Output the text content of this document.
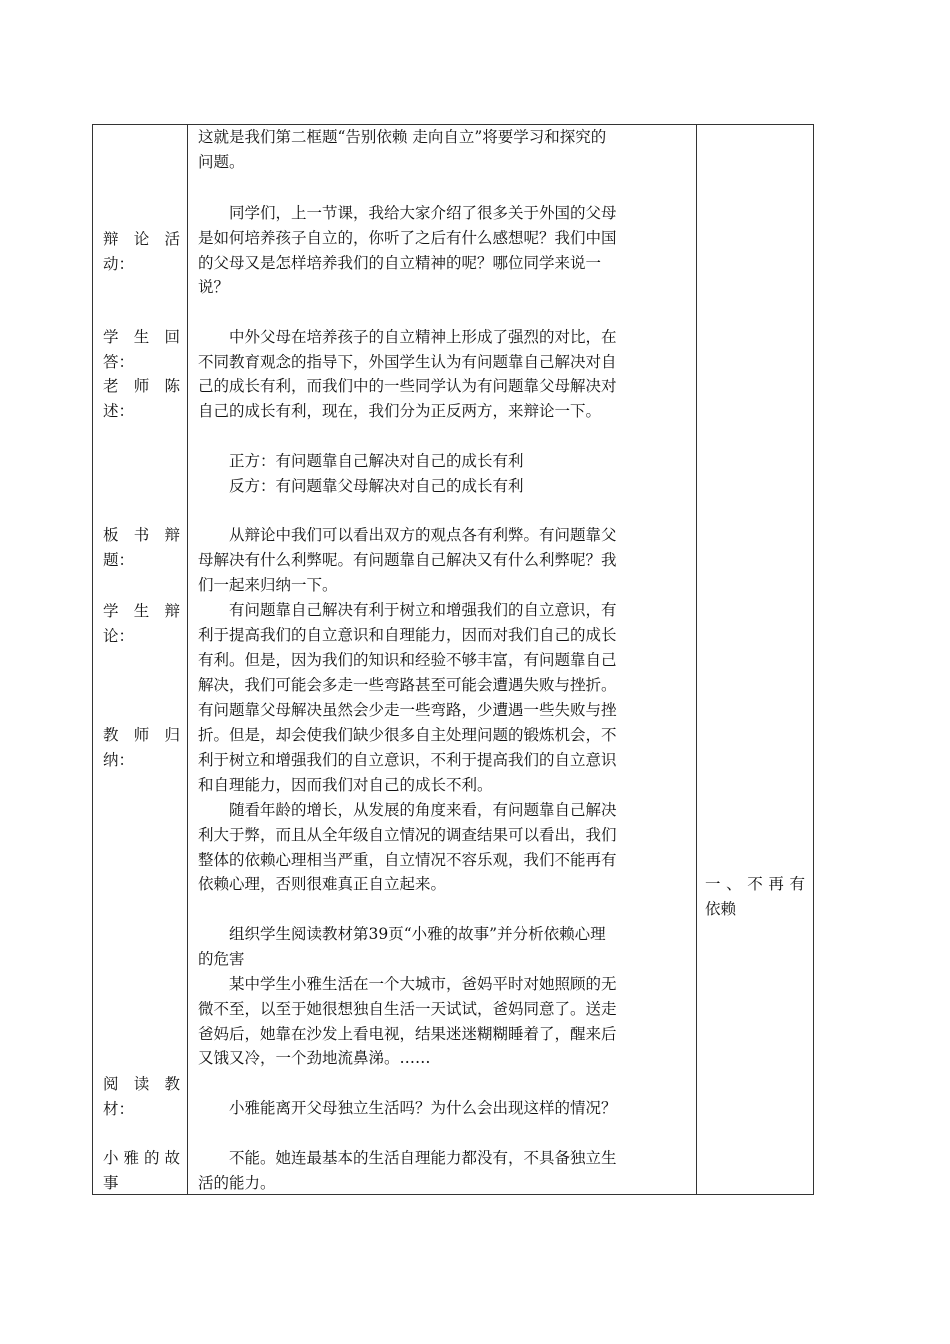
辩 论 活
动：
学 生 回
答：
老 师 陈
述：
板 书 辩
题：
学 生 辩
论：
教 师 归
纳：
阅 读 教
材：
小雅的故
事
这就是我们第二框题“告别依赖 走向自立”将要学习和探究的
问题。
　　同学们，上一节课，我给大家介绍了很多关于外国的父母
是如何培养孩子自立的，你听了之后有什么感想呢？我们中国
的父母又是怎样培养我们的自立精神的呢？哪位同学来说一
说？
　　中外父母在培养孩子的自立精神上形成了强烈的对比，在
不同教育观念的指导下，外国学生认为有问题靠自己解决对自
己的成长有利，而我们中的一些同学认为有问题靠父母解决对
自己的成长有利，现在，我们分为正反两方，来辩论一下。
　　正方：有问题靠自己解决对自己的成长有利
　　反方：有问题靠父母解决对自己的成长有利
　　从辩论中我们可以看出双方的观点各有利弊。有问题靠父
母解决有什么利弊呢。有问题靠自己解决又有什么利弊呢？我
们一起来归纳一下。
　　有问题靠自己解决有利于树立和增强我们的自立意识，有
利于提高我们的自立意识和自理能力，因而对我们自己的成长
有利。但是，因为我们的知识和经验不够丰富，有问题靠自己
解决，我们可能会多走一些弯路甚至可能会遭遇失败与挫折。
有问题靠父母解决虽然会少走一些弯路，少遭遇一些失败与挫
折。但是，却会使我们缺少很多自主处理问题的锻炼机会，不
利于树立和增强我们的自立意识，不利于提高我们的自立意识
和自理能力，因而我们对自己的成长不利。
　　随看年龄的增长，从发展的角度来看，有问题靠自己解决
利大于弊，而且从全年级自立情况的调查结果可以看出，我们
整体的依赖心理相当严重，自立情况不容乐观，我们不能再有
依赖心理，否则很难真正自立起来。
　　组织学生阅读教材第39页“小雅的故事”并分析依赖心理
的危害
　　某中学生小雅生活在一个大城市，爸妈平时对她照顾的无
微不至，以至于她很想独自生活一天试试，爸妈同意了。送走
爸妈后，她靠在沙发上看电视，结果迷迷糊糊睡着了，醒来后
又饿又冷，一个劲地流鼻涕。……
　　小雅能离开父母独立生活吗？为什么会出现这样的情况？
　　不能。她连最基本的生活自理能力都没有，不具备独立生
活的能力。
一、不再有
依赖
